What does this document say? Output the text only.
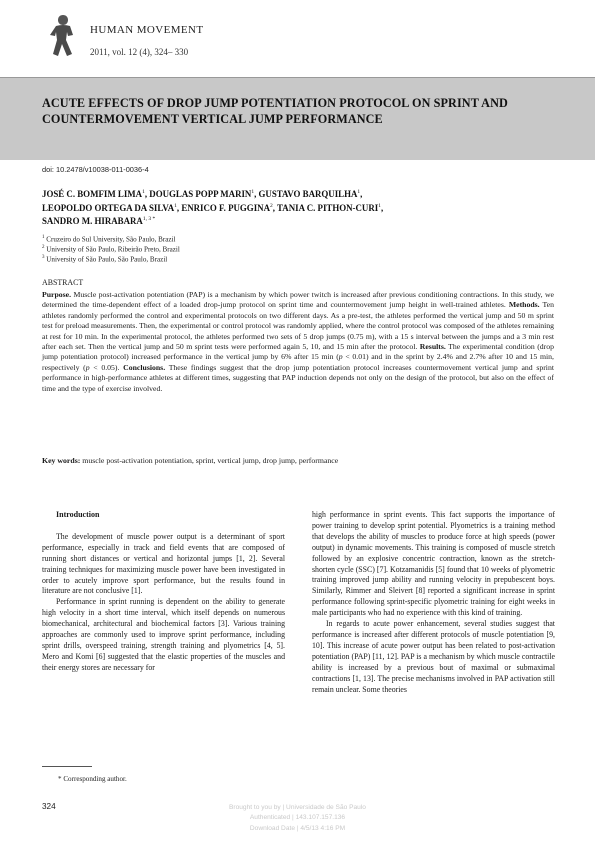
HUMAN MOVEMENT
2011, vol. 12 (4), 324– 330
ACUTE EFFECTS OF DROP JUMP POTENTIATION PROTOCOL ON SPRINT AND COUNTERMOVEMENT VERTICAL JUMP PERFORMANCE
doi: 10.2478/v10038-011-0036-4
JOSÉ C. BOMFIM LIMA$^1$, DOUGLAS POPP MARIN$^1$, GUSTAVO BARQUILHA$^1$,
LEOPOLDO ORTEGA DA SILVA$^1$, ENRICO F. PUGGINA$^2$, TANIA C. PITHON-CURI$^1$,
SANDRO M. $HIRABARA^{1, 3 *}$
$^1$ Cruzeiro do Sul University, São Paulo, Brazil
$^2$ University of São Paulo, Ribeirão Preto, Brazil
$^3$ University of São Paulo, São Paulo, Brazil
ABSTRACT
Purpose. Muscle post-activation potentiation (PAP) is a mechanism by which power twitch is increased after previous conditioning contractions. In this study, we determined the time-dependent effect of a loaded drop-jump protocol on sprint time and countermovement jump height in well-trained athletes. Methods. Ten athletes randomly performed the control and experimental protocols on two different days. As a pre-test, the athletes performed the vertical jump and 50 m sprint test for preload measurements. Then, the experimental or control protocol was randomly applied, where the control protocol was composed of the athletes remaining at rest for 10 min. In the experimental protocol, the athletes performed two sets of 5 drop jumps (0.75 m), with a 15 s interval between the jumps and a 3 min rest after each set. Then the vertical jump and 50 m sprint tests were performed again 5, 10, and 15 min after the protocol. Results. The experimental condition (drop jump potentiation protocol) increased performance in the vertical jump by 6% after 15 min (p < 0.01) and in the sprint by 2.4% and 2.7% after 10 and 15 min, respectively (p < 0.05). Conclusions. These findings suggest that the drop jump potentiation protocol increases countermovement vertical jump and sprint performance in high-performance athletes at different times, suggesting that PAP induction depends not only on the design of the protocol, but also on the effect of time and the type of exercise involved.
Key words: muscle post-activation potentiation, sprint, vertical jump, drop jump, performance
Introduction

The development of muscle power output is a determinant of sport performance, especially in track and field events that are composed of running short distances or vertical and horizontal jumps [1, 2]. Several training techniques for maximizing muscle power have been investigated in order to acutely improve sport performance, but the results found in literature are not conclusive [1].

Performance in sprint running is dependent on the ability to generate high velocity in a short time interval, which itself depends on numerous biomechanical, architectural and biochemical factors [3]. Various training approaches are commonly used to improve sprint performance, including sprint drills, overspeed training, strength training and plyometrics [4, 5]. Mero and Komi [6] suggested that the elastic properties of the muscles and their energy stores are necessary for

high performance in sprint events. This fact supports the importance of power training to develop sprint potential. Plyometrics is a training method that develops the ability of muscles to produce force at high speeds (power output) in dynamic movements. This training is composed of muscle stretch followed by an explosive concentric contraction, known as the stretch-shorten cycle (SSC) [7]. Kotzamanidis [5] found that 10 weeks of plyometric training improved jump ability and running velocity in prepubescent boys. Similarly, Rimmer and Sleivert [8] reported a significant increase in sprint performance following sprint-specific plyometric training for eight weeks in male participants who had no experience with this kind of training.

In regards to acute power enhancement, several studies suggest that performance is increased after different protocols of muscle potentiation [9, 10]. This increase of acute power output has been related to post-activation potentiation (PAP) [11, 12]. PAP is a mechanism by which muscle contractile ability is increased by a previous bout of maximal or submaximal contractions [1, 13]. The precise mechanisms involved in PAP activation still remain unclear. Some theories

* Corresponding author.
324	Brought to you by | Universidade de São Paulo
Authenticated | 143.107.157.136
Download Date | 4/5/13 4:16 PM
